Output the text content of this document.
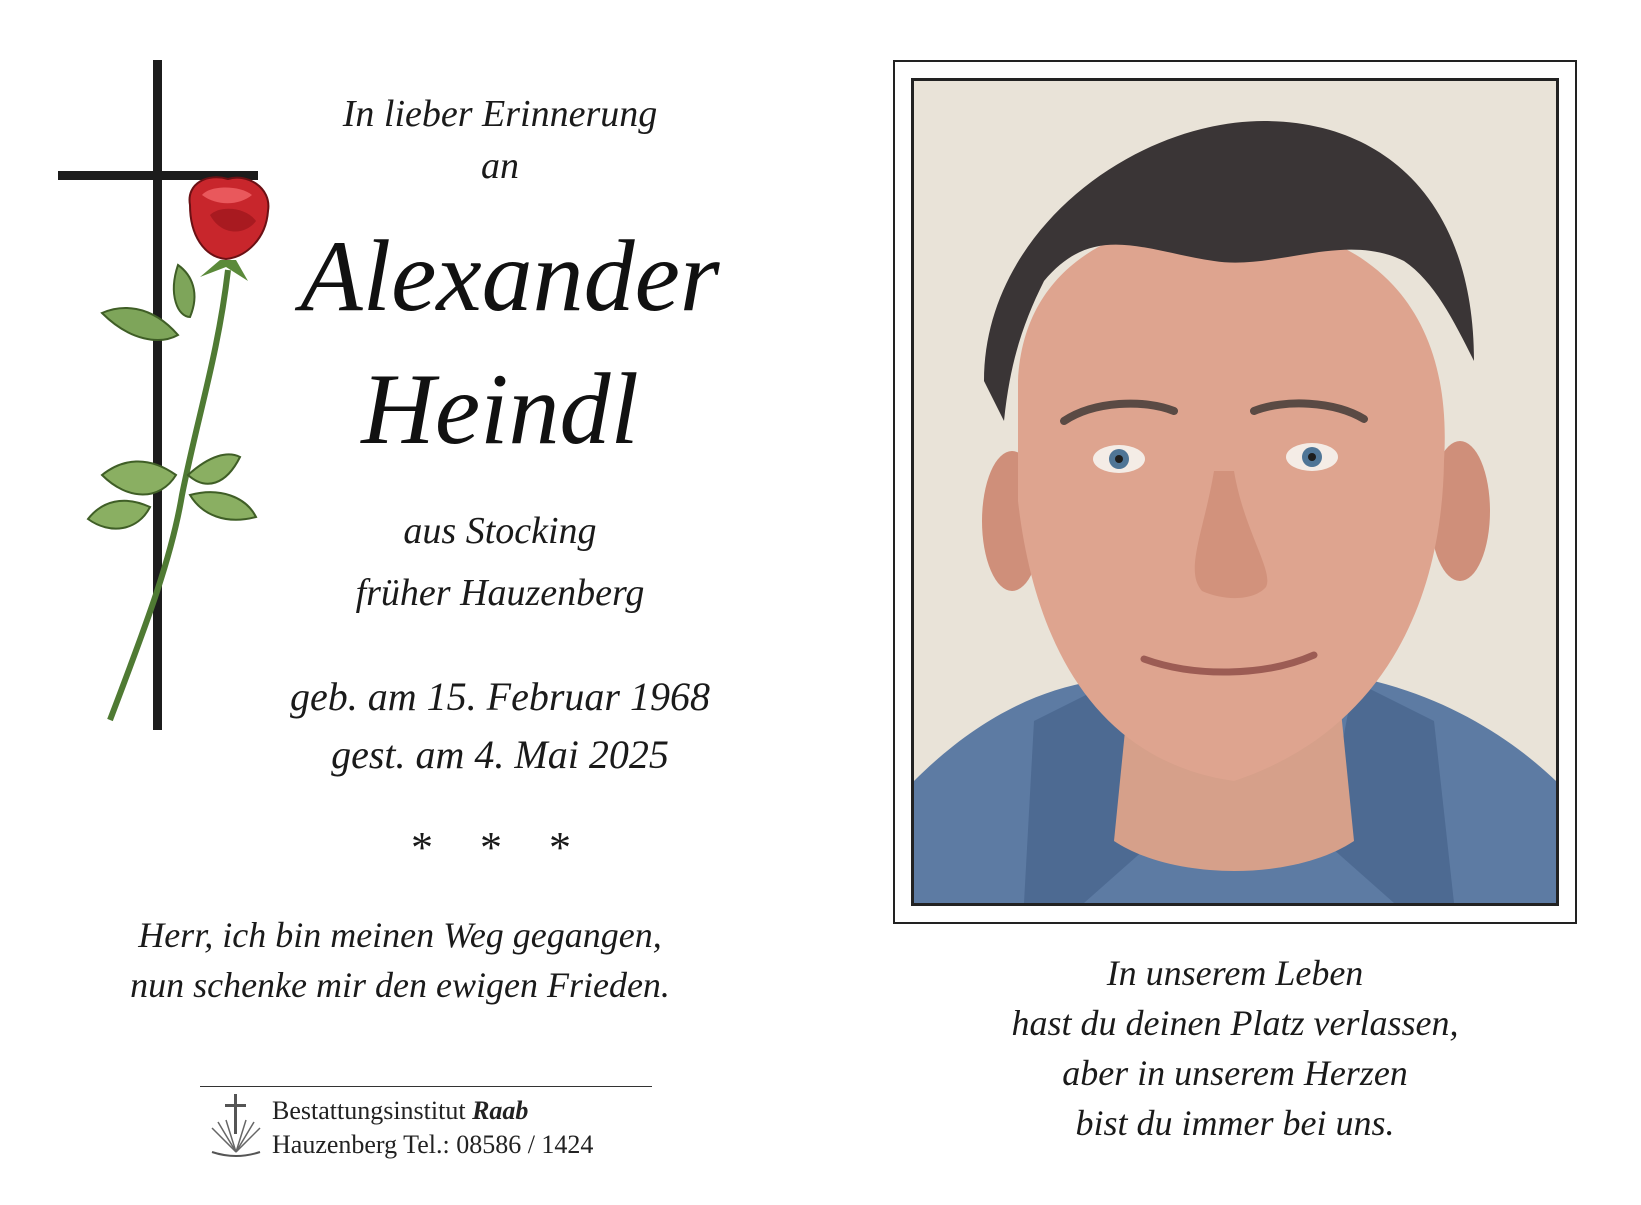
In lieber Erinnerung
an
Alexander
Heindl
aus Stocking
früher Hauzenberg
geb. am 15. Februar 1968
gest. am 4. Mai 2025
* * *
Herr, ich bin meinen Weg gegangen,
nun schenke mir den ewigen Frieden.
Bestattungsinstitut Raab
Hauzenberg Tel.: 08586 / 1424
In unserem Leben
hast du deinen Platz verlassen,
aber in unserem Herzen
bist du immer bei uns.
